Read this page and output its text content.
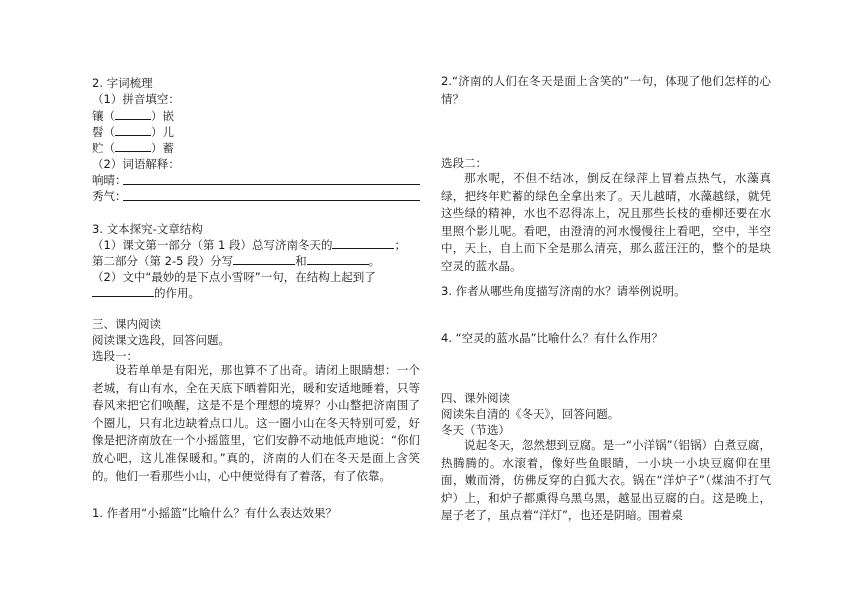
2. 字词梳理
（1）拼音填空：
镶（	）嵌
髫（	）儿
贮（	）蓄
（2）词语解释：
响晴：
秀气：
3. 文本探究-文章结构
（1）课文第一部分（第 1 段）总写济南冬天的	；
第二部分（第 2-5 段）分写	和	。
（2）文中“最妙的是下点小雪呀”一句，在结构上起到了
的作用。
三、课内阅读
阅读课文选段，回答问题。
选段一：
设若单单是有阳光，那也算不了出奇。请闭上眼睛想：一个老城，有山有水，全在天底下晒着阳光，暖和安适地睡着，只等春风来把它们唤醒，这是不是个理想的境界？小山整把济南围了个圈儿，只有北边缺着点口儿。这一圈小山在冬天特别可爱，好像是把济南放在一个小摇篮里，它们安静不动地低声地说：“你们放心吧，这儿准保暖和。”真的，济南的人们在冬天是面上含笑的。他们一看那些小山，心中便觉得有了着落，有了依靠。
1. 作者用“小摇篮”比喻什么？有什么表达效果？
2.“济南的人们在冬天是面上含笑的”一句，体现了他们怎样的心情？
选段二：
那水呢，不但不结冰，倒反在绿萍上冒着点热气，水藻真绿，把终年贮蓄的绿色全拿出来了。天儿越晴，水藻越绿，就凭这些绿的精神，水也不忍得冻上，况且那些长枝的垂柳还要在水里照个影儿呢。看吧，由澄清的河水慢慢往上看吧，空中，半空中，天上，自上而下全是那么清亮，那么蓝汪汪的，整个的是块空灵的蓝水晶。
3. 作者从哪些角度描写济南的水？请举例说明。
4. “空灵的蓝水晶”比喻什么？有什么作用？
四、课外阅读
阅读朱自清的《冬天》，回答问题。
冬天（节选）
说起冬天，忽然想到豆腐。是一“小洋锅”（铝锅）白煮豆腐，热腾腾的。水滚着，像好些鱼眼睛，一小块一小块豆腐仰在里面，嫩而滑，仿佛反穿的白狐大衣。锅在“洋炉子”（煤油不打气炉）上，和炉子都熏得乌黑乌黑，越显出豆腐的白。这是晚上，屋子老了，虽点着“洋灯”，也还是阴暗。围着桌
